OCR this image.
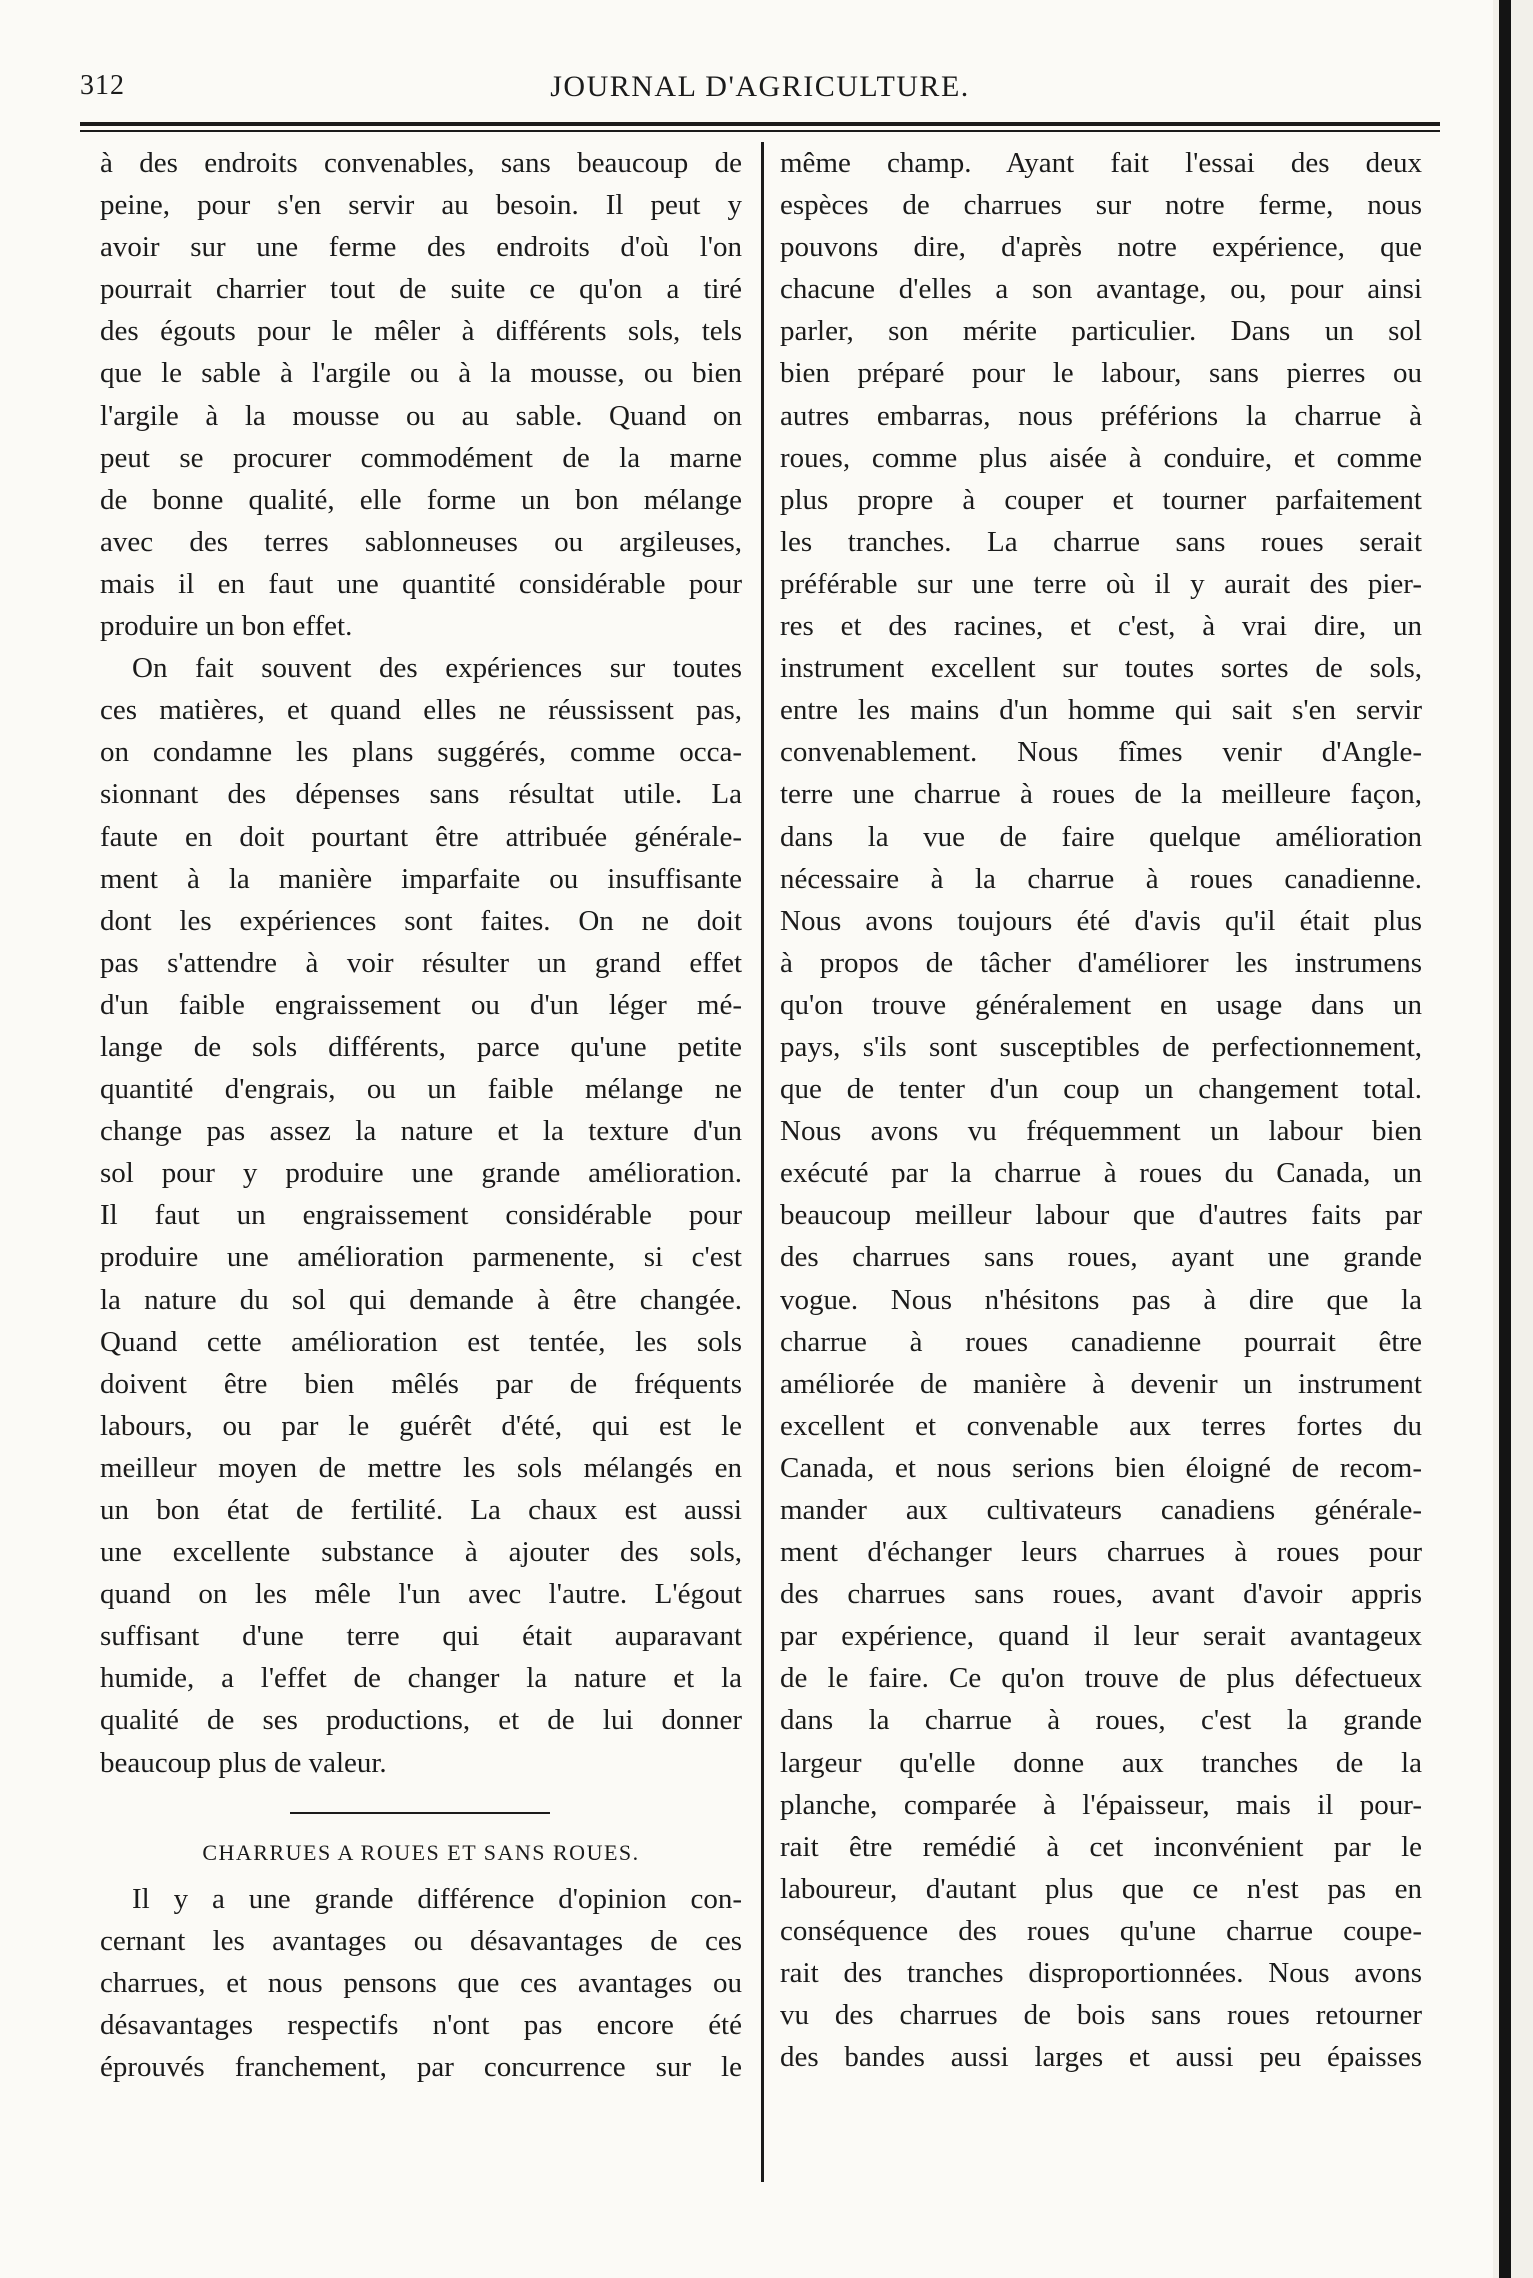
JOURNAL D'AGRICULTURE.
312
à des endroits convenables, sans beaucoup de
peine, pour s'en servir au besoin. Il peut y
avoir sur une ferme des endroits d'où l'on
pourrait charrier tout de suite ce qu'on a tiré
des égouts pour le mêler à différents sols, tels
que le sable à l'argile ou à la mousse, ou bien
l'argile à la mousse ou au sable. Quand on
peut se procurer commodément de la marne
de bonne qualité, elle forme un bon mélange
avec des terres sablonneuses ou argileuses,
mais il en faut une quantité considérable pour
produire un bon effet.
On fait souvent des expériences sur toutes
ces matières, et quand elles ne réussissent pas,
on condamne les plans suggérés, comme occa-
sionnant des dépenses sans résultat utile. La
faute en doit pourtant être attribuée générale-
ment à la manière imparfaite ou insuffisante
dont les expériences sont faites. On ne doit
pas s'attendre à voir résulter un grand effet
d'un faible engraissement ou d'un léger mé-
lange de sols différents, parce qu'une petite
quantité d'engrais, ou un faible mélange ne
change pas assez la nature et la texture d'un
sol pour y produire une grande amélioration.
Il faut un engraissement considérable pour
produire une amélioration parmenente, si c'est
la nature du sol qui demande à être changée.
Quand cette amélioration est tentée, les sols
doivent être bien mêlés par de fréquents
labours, ou par le guérêt d'été, qui est le
meilleur moyen de mettre les sols mélangés en
un bon état de fertilité. La chaux est aussi
une excellente substance à ajouter des sols,
quand on les mêle l'un avec l'autre. L'égout
suffisant d'une terre qui était auparavant
humide, a l'effet de changer la nature et la
qualité de ses productions, et de lui donner
beaucoup plus de valeur.
CHARRUES A ROUES ET SANS ROUES.
Il y a une grande différence d'opinion con-
cernant les avantages ou désavantages de ces
charrues, et nous pensons que ces avantages ou
désavantages respectifs n'ont pas encore été
éprouvés franchement, par concurrence sur le
même champ. Ayant fait l'essai des deux
espèces de charrues sur notre ferme, nous
pouvons dire, d'après notre expérience, que
chacune d'elles a son avantage, ou, pour ainsi
parler, son mérite particulier. Dans un sol
bien préparé pour le labour, sans pierres ou
autres embarras, nous préférions la charrue à
roues, comme plus aisée à conduire, et comme
plus propre à couper et tourner parfaitement
les tranches. La charrue sans roues serait
préférable sur une terre où il y aurait des pier-
res et des racines, et c'est, à vrai dire, un
instrument excellent sur toutes sortes de sols,
entre les mains d'un homme qui sait s'en servir
convenablement. Nous fîmes venir d'Angle-
terre une charrue à roues de la meilleure façon,
dans la vue de faire quelque amélioration
nécessaire à la charrue à roues canadienne.
Nous avons toujours été d'avis qu'il était plus
à propos de tâcher d'améliorer les instrumens
qu'on trouve généralement en usage dans un
pays, s'ils sont susceptibles de perfectionnement,
que de tenter d'un coup un changement total.
Nous avons vu fréquemment un labour bien
exécuté par la charrue à roues du Canada, un
beaucoup meilleur labour que d'autres faits par
des charrues sans roues, ayant une grande
vogue. Nous n'hésitons pas à dire que la
charrue à roues canadienne pourrait être
améliorée de manière à devenir un instrument
excellent et convenable aux terres fortes du
Canada, et nous serions bien éloigné de recom-
mander aux cultivateurs canadiens générale-
ment d'échanger leurs charrues à roues pour
des charrues sans roues, avant d'avoir appris
par expérience, quand il leur serait avantageux
de le faire. Ce qu'on trouve de plus défectueux
dans la charrue à roues, c'est la grande
largeur qu'elle donne aux tranches de la
planche, comparée à l'épaisseur, mais il pour-
rait être remédié à cet inconvénient par le
laboureur, d'autant plus que ce n'est pas en
conséquence des roues qu'une charrue coupe-
rait des tranches disproportionnées. Nous avons
vu des charrues de bois sans roues retourner
des bandes aussi larges et aussi peu épaisses
